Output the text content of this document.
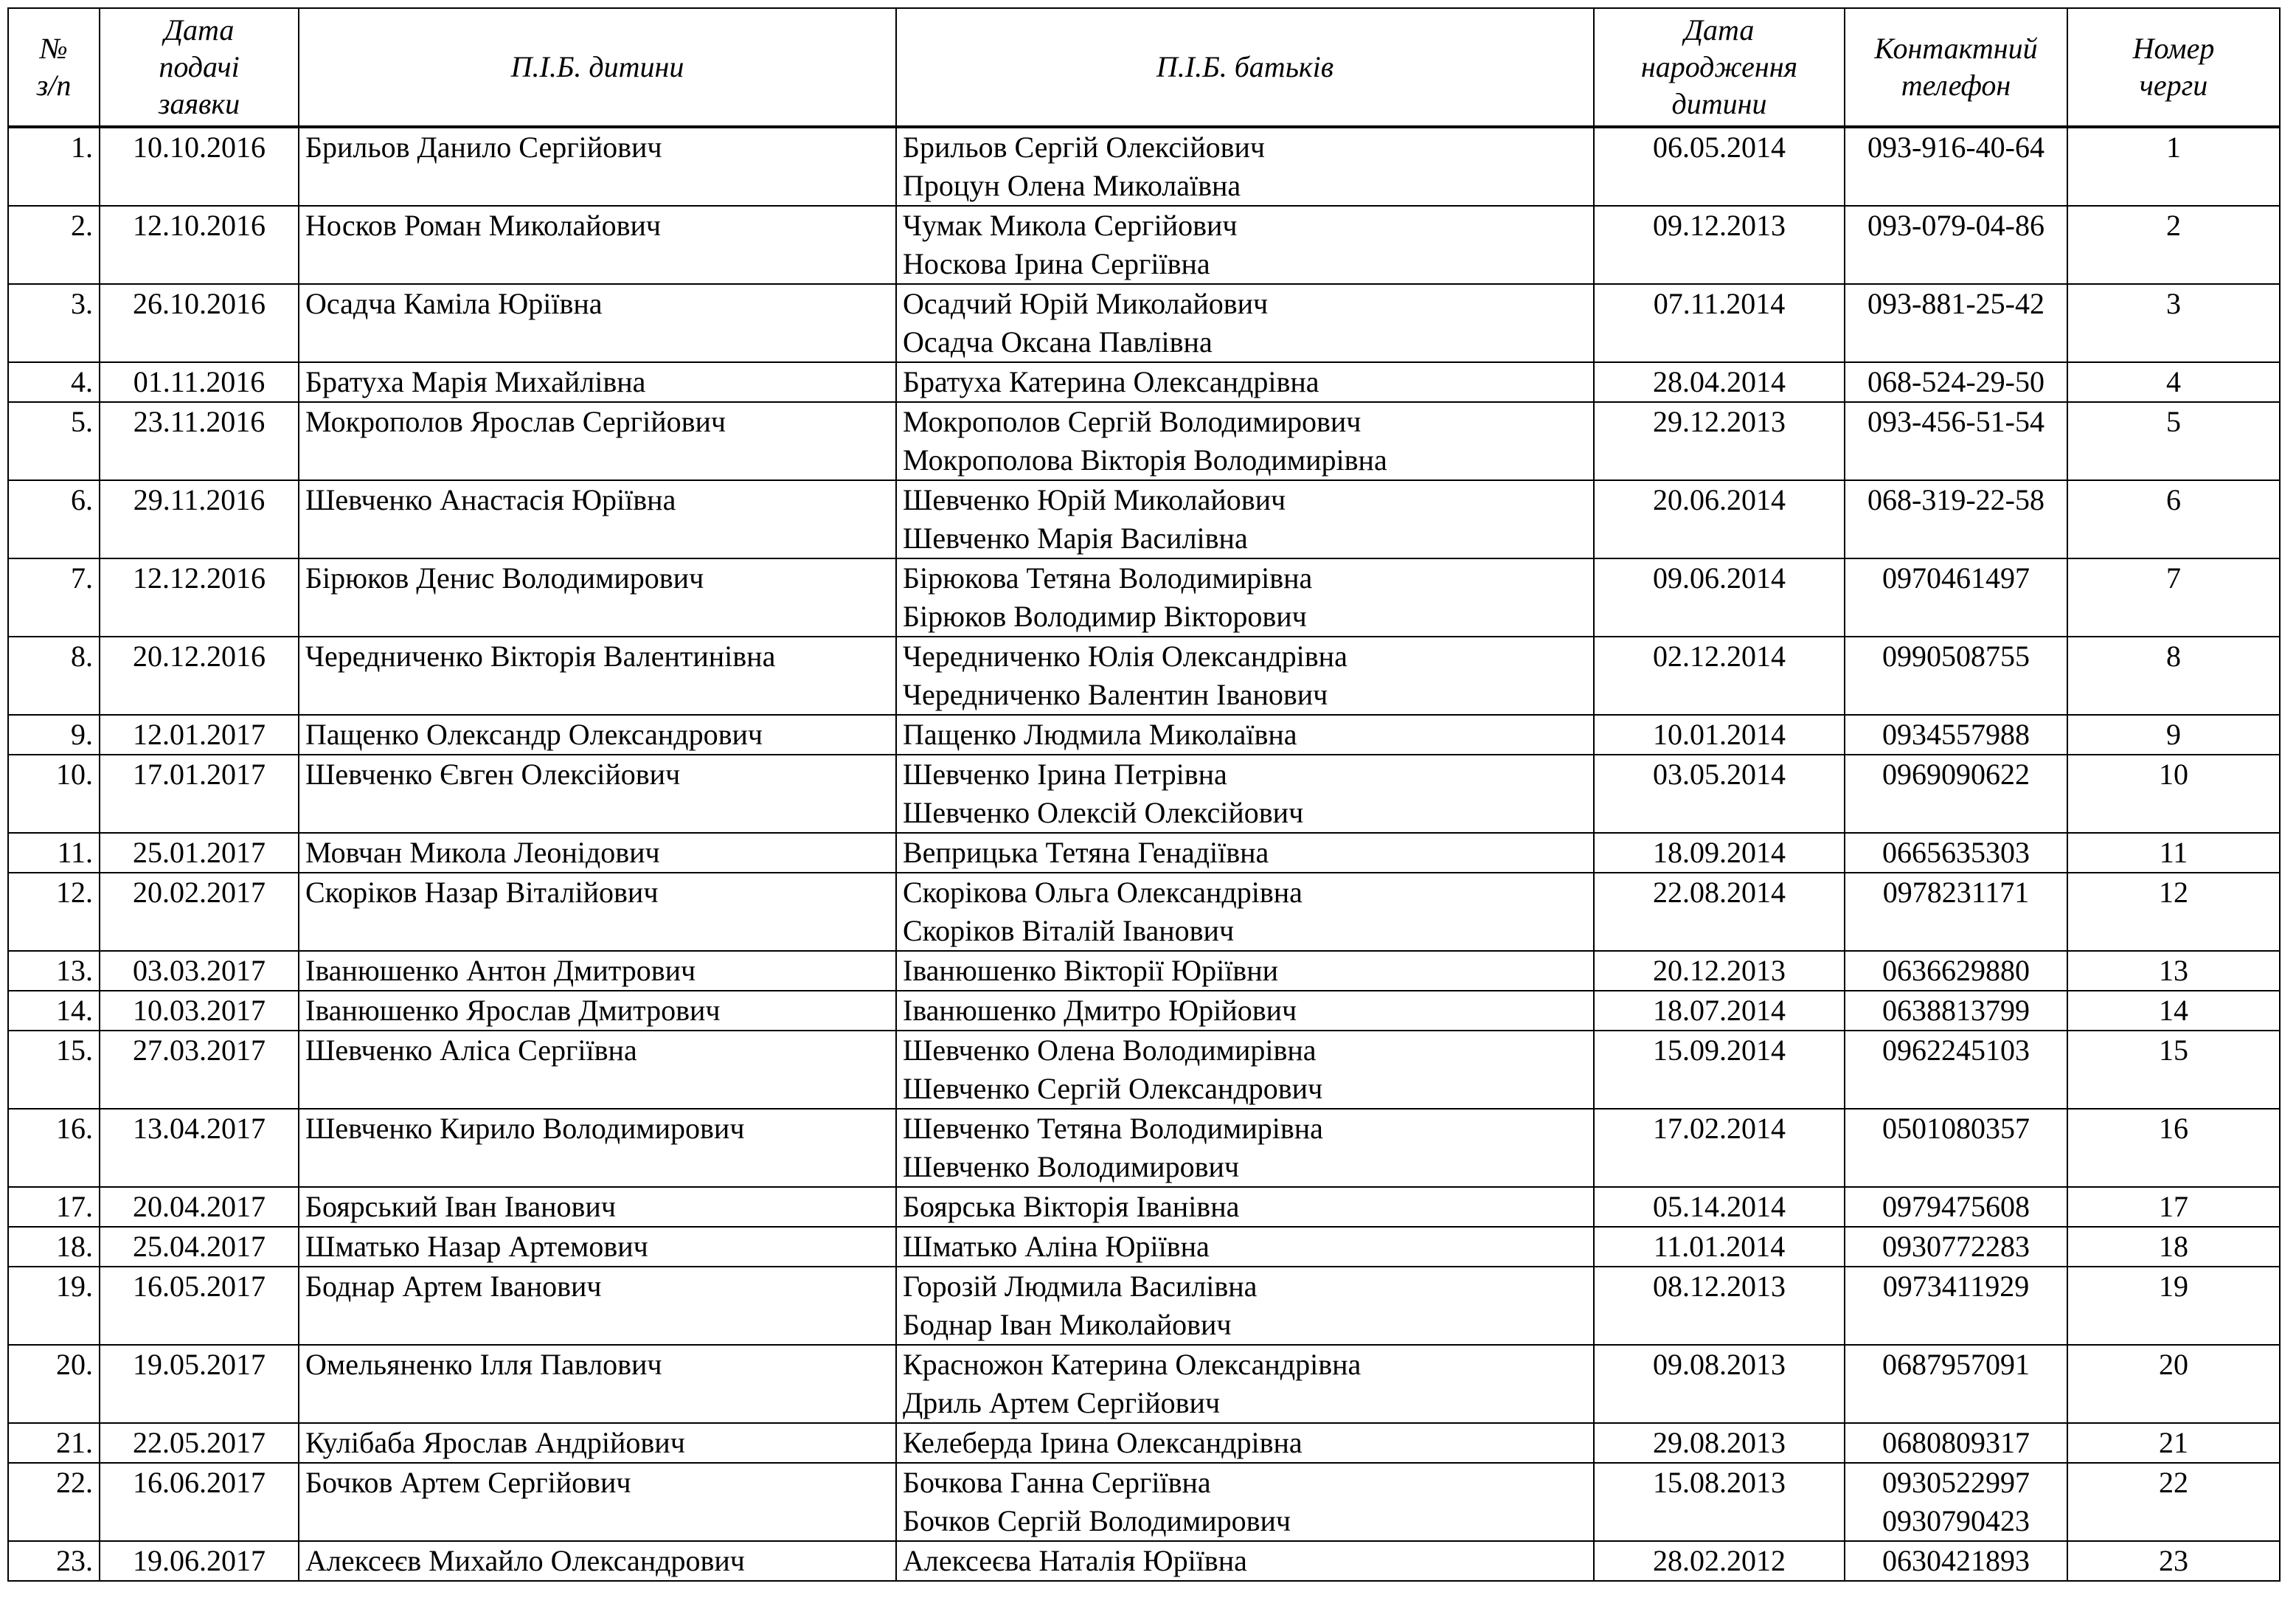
№
з/п	Дата
подачі
заявки	П.І.Б. дитини	П.І.Б. батьків	Дата
народження
дитини	Контактний
телефон	Номер
черги

1.	10.10.2016	Брильов Данило Сергійович	Брильов Сергій Олексійович
Процун Олена Миколаївна	06.05.2014	093-916-40-64	1

2.	12.10.2016	Носков Роман Миколайович	Чумак Микола Сергійович
Носкова Ірина Сергіївна	09.12.2013	093-079-04-86	2

3.	26.10.2016	Осадча Каміла Юріївна	Осадчий Юрій Миколайович
Осадча Оксана Павлівна	07.11.2014	093-881-25-42	3

4.	01.11.2016	Братуха Марія Михайлівна	Братуха Катерина Олександрівна	28.04.2014	068-524-29-50	4

5.	23.11.2016	Мокрополов Ярослав Сергійович	Мокрополов Сергій Володимирович
Мокрополова Вікторія Володимирівна	29.12.2013	093-456-51-54	5

6.	29.11.2016	Шевченко Анастасія Юріївна	Шевченко Юрій Миколайович
Шевченко Марія Василівна	20.06.2014	068-319-22-58	6

7.	12.12.2016	Бірюков Денис Володимирович	Бірюкова Тетяна Володимирівна
Бірюков Володимир Вікторович	09.06.2014	0970461497	7

8.	20.12.2016	Чередниченко Вікторія Валентинівна	Чередниченко Юлія Олександрівна
Чередниченко Валентин Іванович	02.12.2014	0990508755	8

9.	12.01.2017	Пащенко Олександр Олександрович	Пащенко Людмила Миколаївна	10.01.2014	0934557988	9

10.	17.01.2017	Шевченко Євген Олексійович	Шевченко Ірина Петрівна
Шевченко Олексій Олексійович	03.05.2014	0969090622	10

11.	25.01.2017	Мовчан Микола Леонідович	Веприцька Тетяна Генадіївна	18.09.2014	0665635303	11

12.	20.02.2017	Скоріков Назар Віталійович	Скорікова Ольга Олександрівна
Скоріков Віталій Іванович	22.08.2014	0978231171	12

13.	03.03.2017	Іванюшенко Антон Дмитрович	Іванюшенко Вікторії Юріївни	20.12.2013	0636629880	13

14.	10.03.2017	Іванюшенко Ярослав Дмитрович	Іванюшенко Дмитро Юрійович	18.07.2014	0638813799	14

15.	27.03.2017	Шевченко Аліса Сергіївна	Шевченко Олена Володимирівна
Шевченко Сергій Олександрович	15.09.2014	0962245103	15

16.	13.04.2017	Шевченко Кирило Володимирович	Шевченко Тетяна Володимирівна
Шевченко Володимирович	17.02.2014	0501080357	16

17.	20.04.2017	Боярський Іван Іванович	Боярська Вікторія Іванівна	05.14.2014	0979475608	17

18.	25.04.2017	Шматько Назар Артемович	Шматько Аліна Юріївна	11.01.2014	0930772283	18

19.	16.05.2017	Боднар Артем Іванович	Горозій Людмила Василівна
Боднар Іван Миколайович	08.12.2013	0973411929	19

20.	19.05.2017	Омельяненко Ілля Павлович	Красножон Катерина Олександрівна
Дриль Артем Сергійович	09.08.2013	0687957091	20

21.	22.05.2017	Кулібаба Ярослав Андрійович	Келеберда Ірина Олександрівна	29.08.2013	0680809317	21

22.	16.06.2017	Бочков Артем Сергійович	Бочкова Ганна Сергіївна
Бочков Сергій Володимирович	15.08.2013	0930522997
0930790423	22

23.	19.06.2017	Алексеєв Михайло Олександрович	Алексеєва Наталія Юріївна	28.02.2012	0630421893	23
